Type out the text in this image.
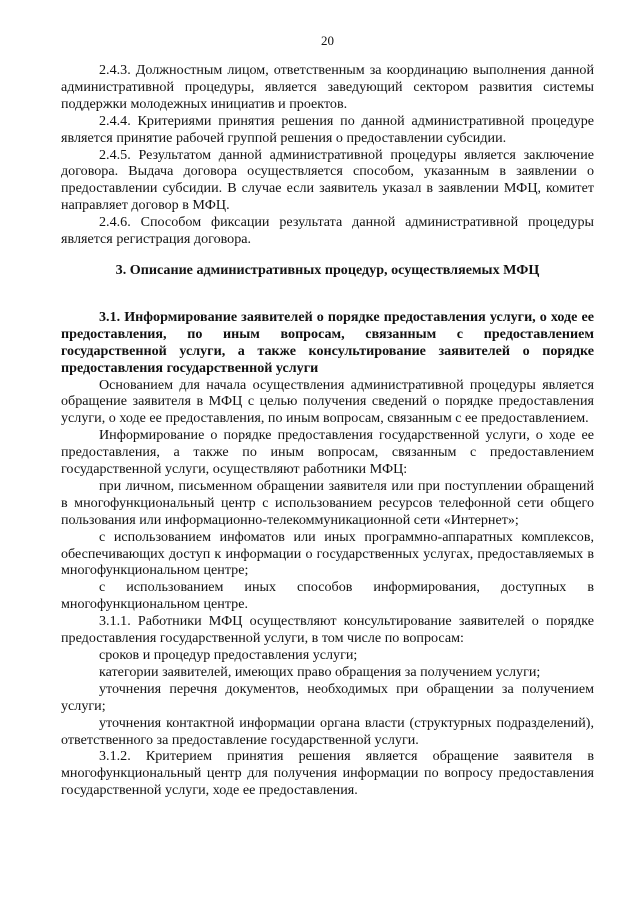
20

2.4.3. Должностным лицом, ответственным за координацию выполнения данной административной процедуры, является заведующий сектором развития системы поддержки молодежных инициатив и проектов.

2.4.4. Критериями принятия решения по данной административной процедуре является принятие рабочей группой решения о предоставлении субсидии.

2.4.5. Результатом данной административной процедуры является заключение договора. Выдача договора осуществляется способом, указанным в заявлении о предоставлении субсидии. В случае если заявитель указал в заявлении МФЦ, комитет направляет договор в МФЦ.

2.4.6. Способом фиксации результата данной административной процедуры является регистрация договора.

3. Описание административных процедур, осуществляемых МФЦ

3.1. Информирование заявителей о порядке предоставления услуги, о ходе ее предоставления, по иным вопросам, связанным с предоставлением государственной услуги, а также консультирование заявителей о порядке предоставления государственной услуги

Основанием для начала осуществления административной процедуры является обращение заявителя в МФЦ с целью получения сведений о порядке предоставления услуги, о ходе ее предоставления, по иным вопросам, связанным с ее предоставлением.

Информирование о порядке предоставления государственной услуги, о ходе ее предоставления, а также по иным вопросам, связанным с предоставлением государственной услуги, осуществляют работники МФЦ:

при личном, письменном обращении заявителя или при поступлении обращений в многофункциональный центр с использованием ресурсов телефонной сети общего пользования или информационно-телекоммуникационной сети «Интернет»;

с использованием инфоматов или иных программно-аппаратных комплексов, обеспечивающих доступ к информации о государственных услугах, предоставляемых в многофункциональном центре;

с использованием иных способов информирования, доступных в многофункциональном центре.

3.1.1. Работники МФЦ осуществляют консультирование заявителей о порядке предоставления государственной услуги, в том числе по вопросам:

сроков и процедур предоставления услуги;

категории заявителей, имеющих право обращения за получением услуги;

уточнения перечня документов, необходимых при обращении за получением услуги;

уточнения контактной информации органа власти (структурных подразделений), ответственного за предоставление государственной услуги.

3.1.2. Критерием принятия решения является обращение заявителя в многофункциональный центр для получения информации по вопросу предоставления государственной услуги, ходе ее предоставления.
